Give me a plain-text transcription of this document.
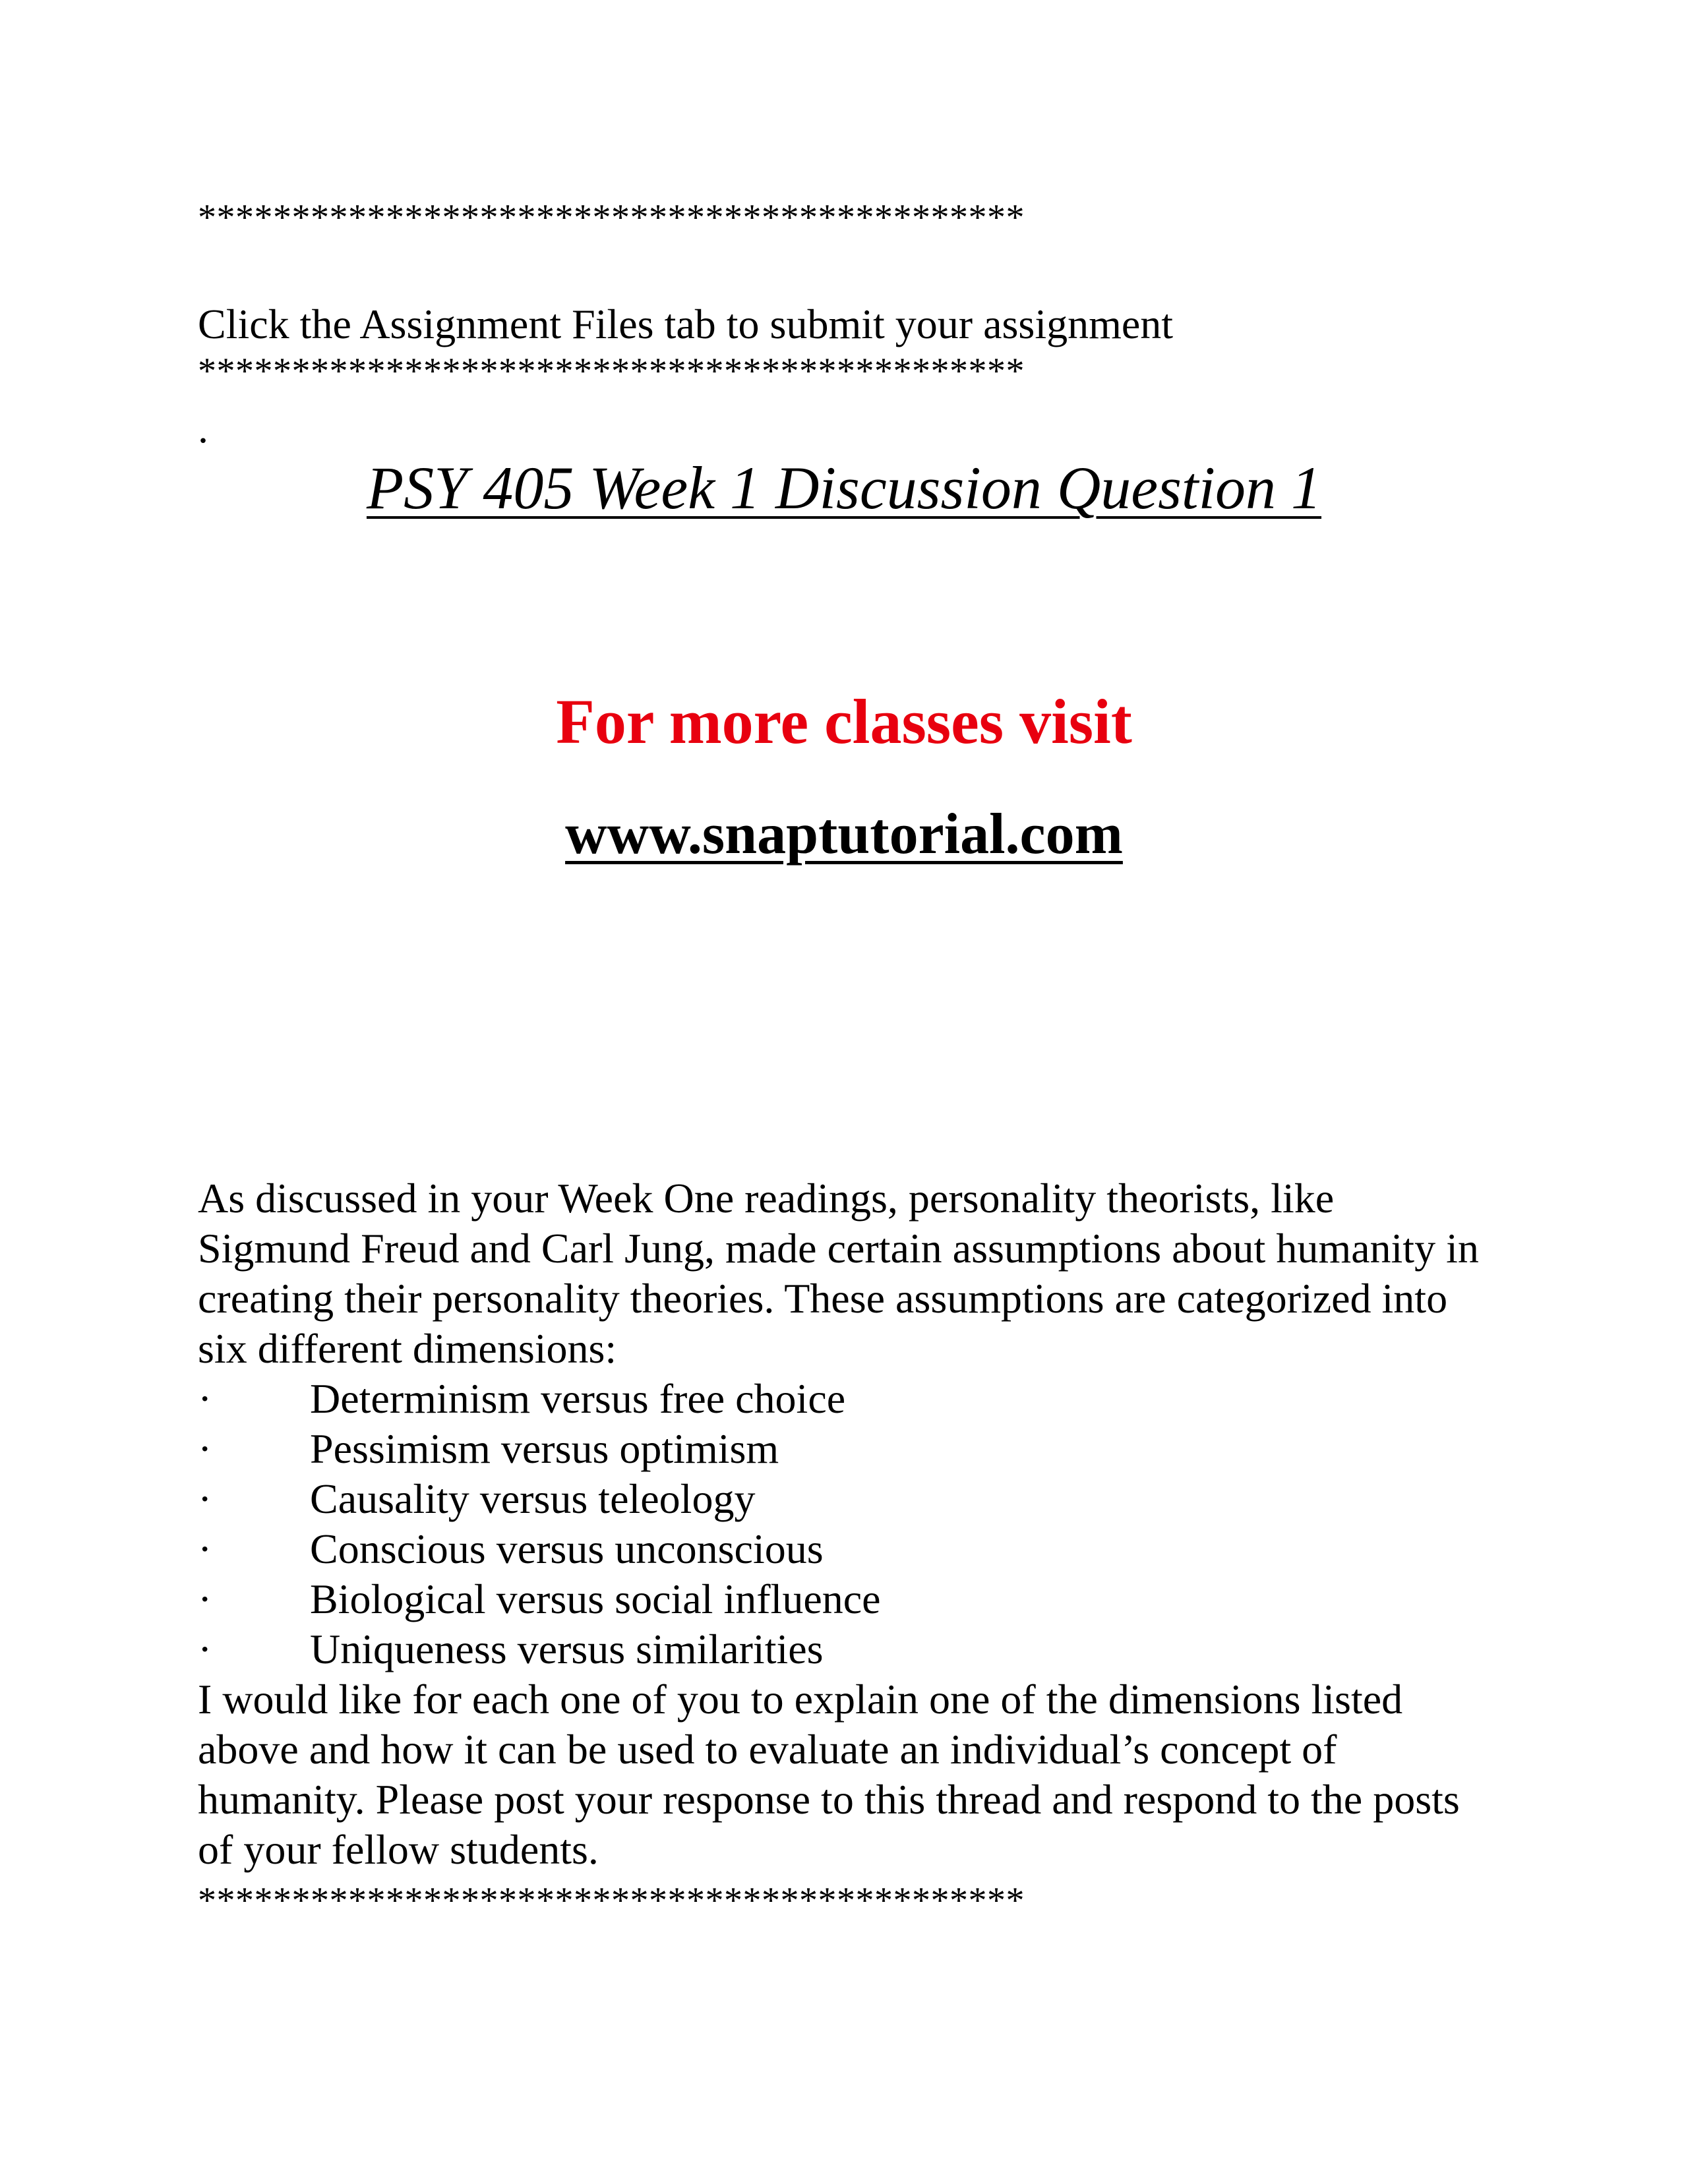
********************************************
Click the Assignment Files tab to submit your assignment
********************************************
.
PSY 405 Week 1 Discussion Question 1
For more classes visit
www.snaptutorial.com

As discussed in your Week One readings, personality theorists, like Sigmund Freud and Carl Jung, made certain assumptions about humanity in creating their personality theories. These assumptions are categorized into six different dimensions:

· Determinism versus free choice
· Pessimism versus optimism
· Causality versus teleology
· Conscious versus unconscious
· Biological versus social influence
· Uniqueness versus similarities

I would like for each one of you to explain one of the dimensions listed above and how it can be used to evaluate an individual’s concept of humanity. Please post your response to this thread and respond to the posts of your fellow students.

********************************************
